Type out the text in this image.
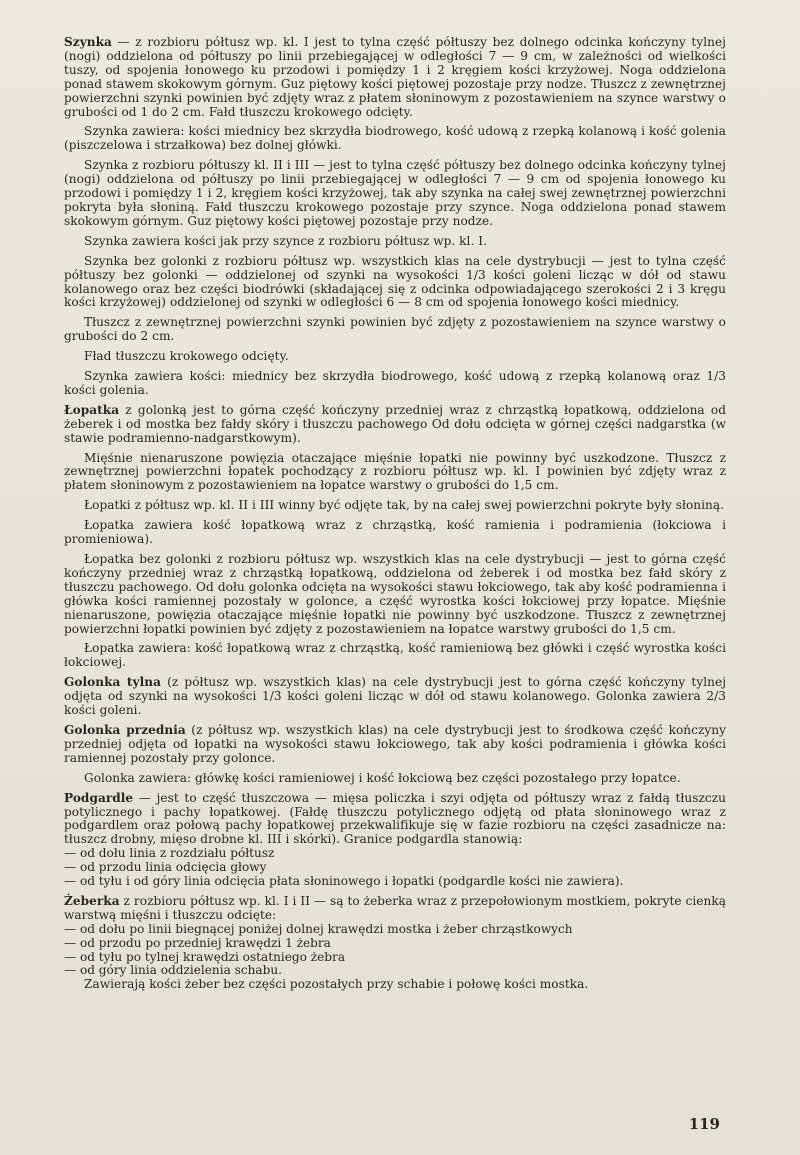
Szynka — z rozbioru półtusz wp. kl. I jest to tylna część półtuszy bez dolnego odcinka kończyny tylnej (nogi) oddzielona od półtuszy po linii przebiegającej w odległości 7 — 9 cm, w zależności od wielkości tuszy, od spojenia łonowego ku przodowi i pomiędzy 1 i 2 kręgiem kości krzyżowej. Noga oddzielona ponad stawem skokowym górnym. Guz piętowy kości piętowej pozostaje przy nodze. Tłuszcz z zewnętrznej powierzchni szynki powinien być zdjęty wraz z płatem słoninowym z pozostawieniem na szynce warstwy o grubości od 1 do 2 cm. Fałd tłuszczu krokowego odcięty.

Szynka zawiera: kości miednicy bez skrzydła biodrowego, kość udową z rzepką kolanową i kość golenia (piszczelowa i strzałkowa) bez dolnej główki.

Szynka z rozbioru półtuszy kl. II i III — jest to tylna część półtuszy bez dolnego odcinka kończyny tylnej (nogi) oddzielona od półtuszy po linii przebiegającej w odległości 7 — 9 cm od spojenia łonowego ku przodowi i pomiędzy 1 i 2, kręgiem kości krzyżowej, tak aby szynka na całej swej zewnętrznej powierzchni pokryta była słoniną. Fałd tłuszczu krokowego pozostaje przy szynce. Noga oddzielona ponad stawem skokowym górnym. Guz piętowy kości piętowej pozostaje przy nodze.

Szynka zawiera kości jak przy szynce z rozbioru półtusz wp. kl. I.

Szynka bez golonki z rozbioru półtusz wp. wszystkich klas na cele dystrybucji — jest to tylna część półtuszy bez golonki — oddzielonej od szynki na wysokości 1/3 kości goleni licząc w dół od stawu kolanowego oraz bez części biodrówki (składającej się z odcinka odpowiadającego szerokości 2 i 3 kręgu kości krzyżowej) oddzielonej od szynki w odległości 6 — 8 cm od spojenia łonowego kości miednicy.

Tłuszcz z zewnętrznej powierzchni szynki powinien być zdjęty z pozostawieniem na szynce warstwy o grubości do 2 cm.

Fład tłuszczu krokowego odcięty.

Szynka zawiera kości: miednicy bez skrzydła biodrowego, kość udową z rzepką kolanową oraz 1/3 kości golenia.

Łopatka z golonką jest to górna część kończyny przedniej wraz z chrząstką łopatkową, oddzielona od żeberek i od mostka bez fałdy skóry i tłuszczu pachowego Od dołu odcięta w górnej części nadgarstka (w stawie podramienno-nadgarstkowym).

Mięśnie nienaruszone powięzia otaczające mięśnie łopatki nie powinny być uszkodzone. Tłuszcz z zewnętrznej powierzchni łopatek pochodzący z rozbioru półtusz wp. kl. I powinien być zdjęty wraz z płatem słoninowym z pozostawieniem na łopatce warstwy o grubości do 1,5 cm.

Łopatki z półtusz wp. kl. II i III winny być odjęte tak, by na całej swej powierzchni pokryte były słoniną.

Łopatka zawiera kość łopatkową wraz z chrząstką, kość ramienia i podramienia (łokciowa i promieniowa).

Łopatka bez golonki z rozbioru półtusz wp. wszystkich klas na cele dystrybucji — jest to górna część kończyny przedniej wraz z chrząstką łopatkową, oddzielona od żeberek i od mostka bez fałd skóry z tłuszczu pachowego. Od dołu golonka odcięta na wysokości stawu łokciowego, tak aby kość podramienna i główka kości ramiennej pozostały w golonce, a część wyrostka kości łokciowej przy łopatce. Mięśnie nienaruszone, powięzia otaczające mięśnie łopatki nie powinny być uszkodzone. Tłuszcz z zewnętrznej powierzchni łopatki powinien być zdjęty z pozostawieniem na łopatce warstwy grubości do 1,5 cm.

Łopatka zawiera: kość łopatkową wraz z chrząstką, kość ramieniową bez główki i część wyrostka kości łokciowej.

Golonka tylna (z półtusz wp. wszystkich klas) na cele dystrybucji jest to górna część kończyny tylnej odjęta od szynki na wysokości 1/3 kości goleni licząc w dół od stawu kolanowego. Golonka zawiera 2/3 kości goleni.

Golonka przednia (z półtusz wp. wszystkich klas) na cele dystrybucji jest to środkowa część kończyny przedniej odjęta od łopatki na wysokości stawu łokciowego, tak aby kości podramienia i główka kości ramiennej pozostały przy golonce.

Golonka zawiera: główkę kości ramieniowej i kość łokciową bez części pozostałego przy łopatce.

Podgardle — jest to część tłuszczowa — mięsa policzka i szyi odjęta od półtuszy wraz z fałdą tłuszczu potylicznego i pachy łopatkowej. (Fałdę tłuszczu potylicznego odjętą od płata słoninowego wraz z podgardlem oraz połową pachy łopatkowej przekwalifikuje się w fazie rozbioru na części zasadnicze na: tłuszcz drobny, mięso drobne kl. III i skórki). Granice podgardla stanowią:

— od dołu linia z rozdziału półtusz
— od przodu linia odcięcia głowy
— od tyłu i od góry linia odcięcia płata słoninowego i łopatki (podgardle kości nie zawiera).

Żeberka z rozbioru półtusz wp. kl. I i II — są to żeberka wraz z przepołowionym mostkiem, pokryte cienką warstwą mięśni i tłuszczu odcięte:

— od dołu po linii biegnącej poniżej dolnej krawędzi mostka i żeber chrząstkowych
— od przodu po przedniej krawędzi 1 żebra
— od tyłu po tylnej krawędzi ostatniego żebra
— od góry linia oddzielenia schabu.

Zawierają kości żeber bez części pozostałych przy schabie i połowę kości mostka.

119
